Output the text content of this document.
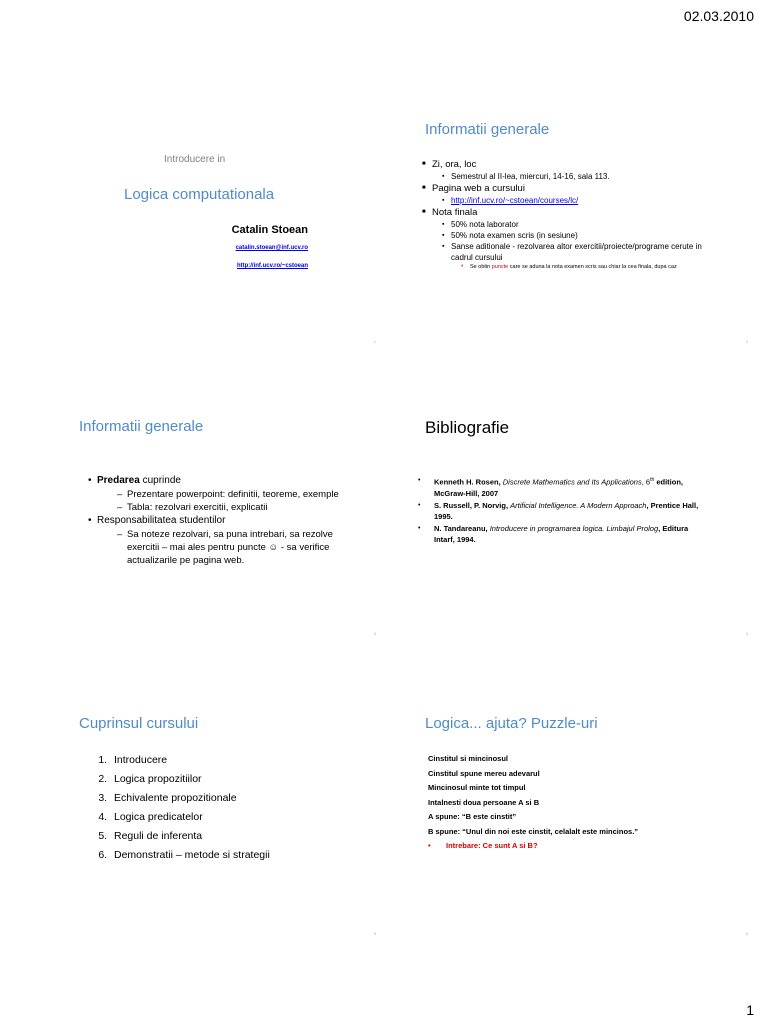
02.03.2010
Introducere in
Logica computationala
Catalin Stoean
catalin.stoean@inf.ucv.ro
http://inf.ucv.ro/~cstoean
1
Informatii generale
■ Zi, ora, loc
▪ Semestrul al II-lea, miercuri, 14-16, sala 113.
■ Pagina web a cursului
▪ http://inf.ucv.ro/~cstoean/courses/lc/
■ Nota finala
▪ 50% nota laborator
▪ 50% nota examen scris (in sesiune)
▪ Sanse aditionale - rezolvarea altor exercitii/proiecte/programe cerute in cadrul cursului
• Se obtin puncte care se aduna la nota examen scris sau chiar la cea finala, dupa caz
2
Informatii generale
• Predarea cuprinde
– Prezentare powerpoint: definitii, teoreme, exemple
– Tabla: rezolvari exercitii, explicatii
• Responsabilitatea studentilor
– Sa noteze rezolvari, sa puna intrebari, sa rezolve exercitii – mai ales pentru puncte ☺ - sa verifice actualizarile pe pagina web.
3
Bibliografie
• Kenneth H. Rosen, Discrete Mathematics and Its Applications, 6th edition, McGraw-Hill, 2007
• S. Russell, P. Norvig, Artificial Intelligence. A Modern Approach, Prentice Hall, 1995.
• N. Tandareanu, Introducere in programarea logica. Limbajul Prolog, Editura Intarf, 1994.
4
Cuprinsul cursului
1. Introducere
2. Logica propozitiilor
3. Echivalente propozitionale
4. Logica predicatelor
5. Reguli de inferenta
6. Demonstratii – metode si strategii
5
Logica... ajuta? Puzzle-uri
Cinstitul si mincinosul
Cinstitul spune mereu adevarul
Mincinosul minte tot timpul
Intalnesti doua persoane A si B
A spune: “B este cinstit”
B spune: “Unul din noi este cinstit, celalalt este mincinos.”
• Intrebare: Ce sunt A si B?
6
1
